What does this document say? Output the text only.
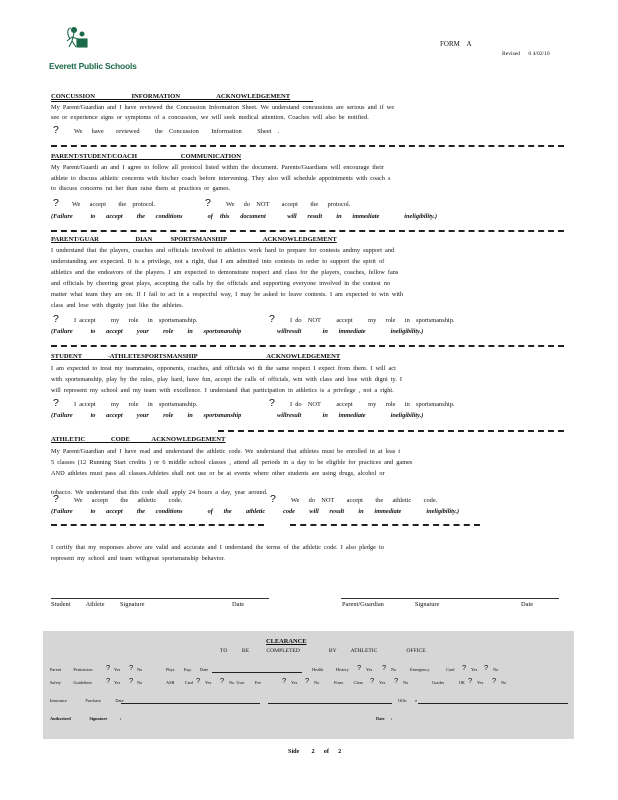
Everett Public Schools
FORM    A
Revised      0 4/02/10
CONCUSSION          INFORMATION          ACKNOWLEDGEMENT
My Parent/Guardian and I have reviewed the Concussion Information Sheet. We understand concussions are serious and if we
see or experience signs or symptoms of a concussion, we will seek medical attention. Coaches will also be notified.
? We   have    reviewed     the  Concussion    Information     Sheet  .
PARENT/STUDENT/COACH            COMMUNICATION
My Parent/Guardi an and I agree to follow all protocol listed within the document. Parents/Guardians will encourage their
athlete to discuss athletic concerns with his/her coach before intervening. They also will schedule appointments with coach s
to discuss concerns rat her than raise them at practices or games.
? We   accept    the  protocol.	? We   do  NOT    accept    the   protocol.
(Failure     to   accept    the   conditions       of  this   document      will   result    in   immediate       ineligibility.)
PARENT/GUAR          DIAN     SPORTSMANSHIP          ACKNOWLEDGEMENT
I understand that the players, coaches and officials involved in athletics work hard to prepare for contests andmy support and
understanding are expected. It is a privilege, not a right, that I am admitted into contests in order to support the spirit of
athletics and the endeavors of the players. I am expected to demonstrate respect and class for the players, coaches, fellow fans
and officials by cheering great plays, accepting the calls by the officials and supporting everyone involved in the contest no
matter what team they are on. If I fail to act in a respectful way, I may be asked to leave contests. I am expected to win with
class and lose with dignity just like the athletes.
? I accept     my   role   in  sportsmanship.	? I do  NOT     accept     my   role   in  sportsmanship.
(Failure     to   accept    your    role    in   sportsmanship          willresult      in   immediate       ineligibility.)
STUDENT       -ATHLETESPORTSMANSHIP                   ACKNOWLEDGEMENT
I am expected to treat my teammates, opponents, coaches, and officials wi th the same respect I expect from them. I will act
with sportsmanship, play by the rules, play hard, have fun, accept the calls of officials, win with class and lose with digni ty. I
will represent my school and my team with excellence. I understand that participation in athletics is a privilege , not a right.
tobacco. We understand that this code shall apply 24 hours a day, year around.
? I accept     my   role   in  sportsmanship.	? I do  NOT     accept     my   role   in  sportsmanship.
(Failure     to   accept    your    role    in   sportsmanship          willresult      in   immediate       ineligibility.)
ATHLETIC       CODE      ACKNOWLEDGEMENT
My Parent/Guardian and I have read and understand the athletic code. We understand that athletes must be enrolled in at leas t
5 classes (12 Running Start credits ) or 6 middle school classes , attend all periods in a day to be eligible for practices and games
AND athletes must pass all classes.Athletes shall not use or be at events where other students are using drugs, alcohol or
? We   accept    the   athletic    code.	? We   do  NOT    accept    the   athletic    code.
(Failure     to   accept    the   conditions       of   the    athletic     code    will   result    in   immediate       ineligibility.)
I certify that my responses above are valid and accurate and I understand the terms of the athletic code. I also pledge to
represent my school and team withgreat sportsmanship behavior.
Student     Athlete     Signature	Date	Parent/Guardian          Signature	Date
CLEARANCE
TO     BE      COMPLETED          BY     ATHLETIC          OFFICE
Parent      Permission ? Yes ? No	Phys.    Exp.    Date	Health      History ? Yes ? No	Emergency        Card ? Yes ? No
Safety      Guidelines ? Yes ? No	ASB     Card ? Yes ? No User     Fee	? Yes ? No	Fines     Clear ? Yes ? No	Grades       OK ? Yes ? No
Insurance         Purchase       Date	Offic    e
Authorized         Signature      :	Date   :
Side    2   of   2
